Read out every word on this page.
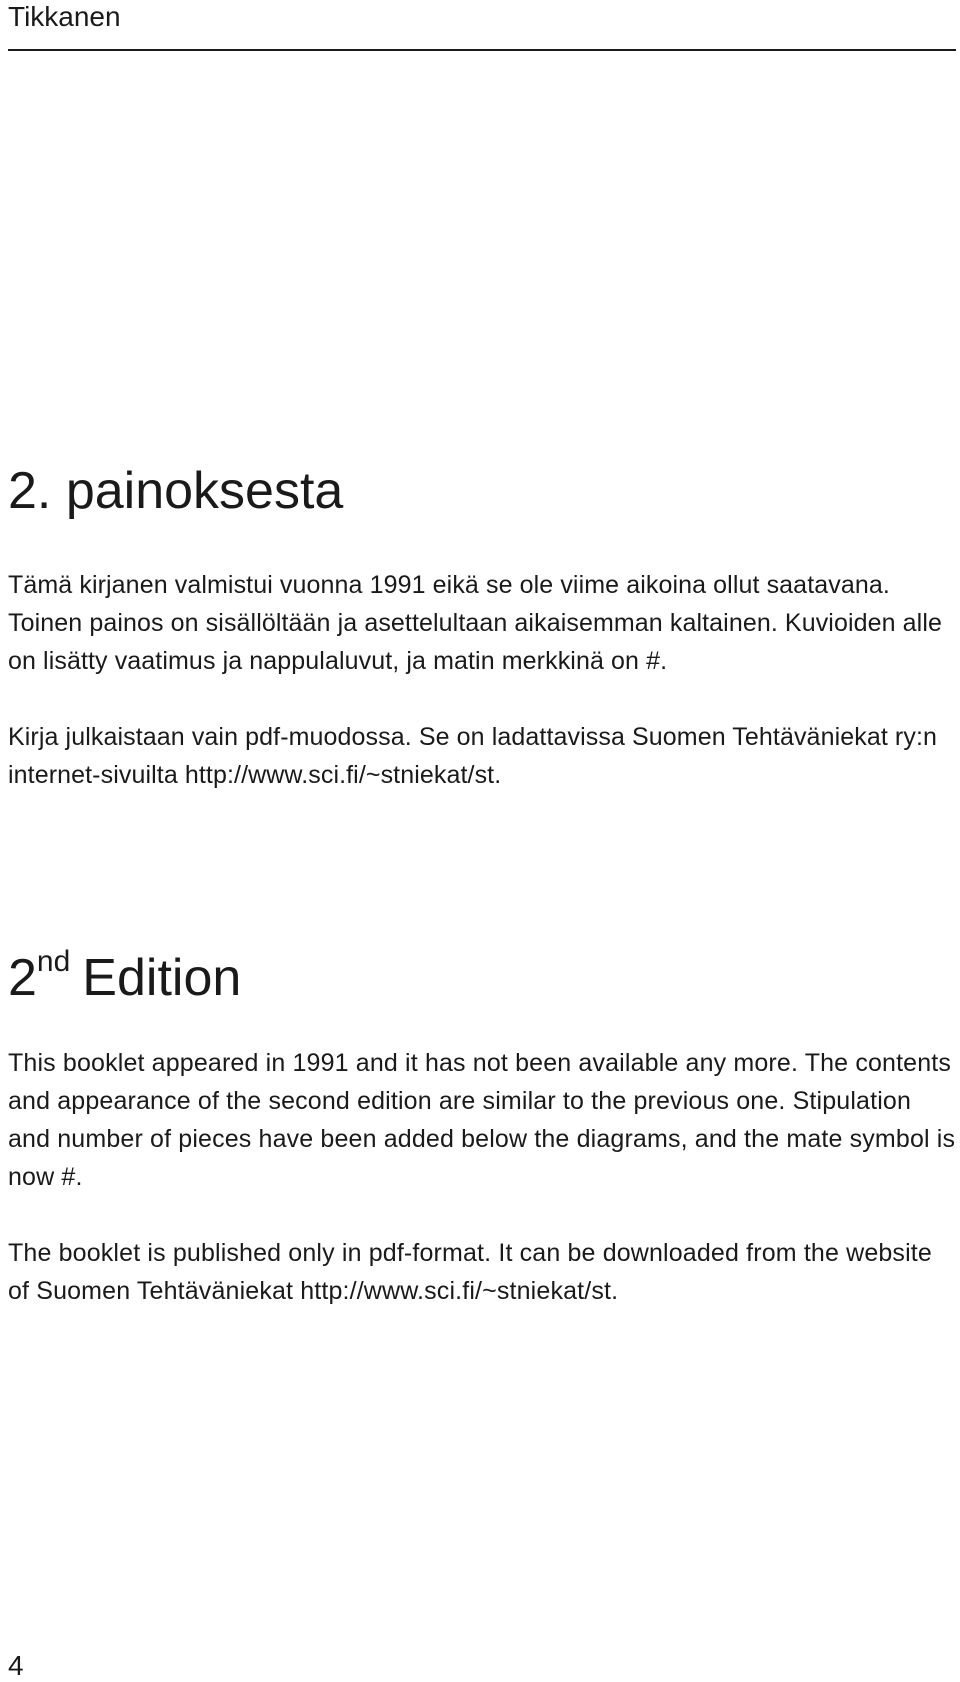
Tikkanen
2. painoksesta

Tämä kirjanen valmistui vuonna 1991 eikä se ole viime aikoina ollut saatavana. Toinen painos on sisällöltään ja asettelultaan aikaisemman kaltainen. Kuvioiden alle on lisätty vaatimus ja nappulaluvut, ja matin merkkinä on #.

Kirja julkaistaan vain pdf-muodossa. Se on ladattavissa Suomen Tehtäväniekat ry:n internet-sivuilta http://www.sci.fi/~stniekat/st.

2nd Edition

This booklet appeared in 1991 and it has not been available any more. The contents and appearance of the second edition are similar to the previous one. Stipulation and number of pieces have been added below the diagrams, and the mate symbol is now #.

The booklet is published only in pdf-format. It can be downloaded from the website of Suomen Tehtäväniekat http://www.sci.fi/~stniekat/st.

4
